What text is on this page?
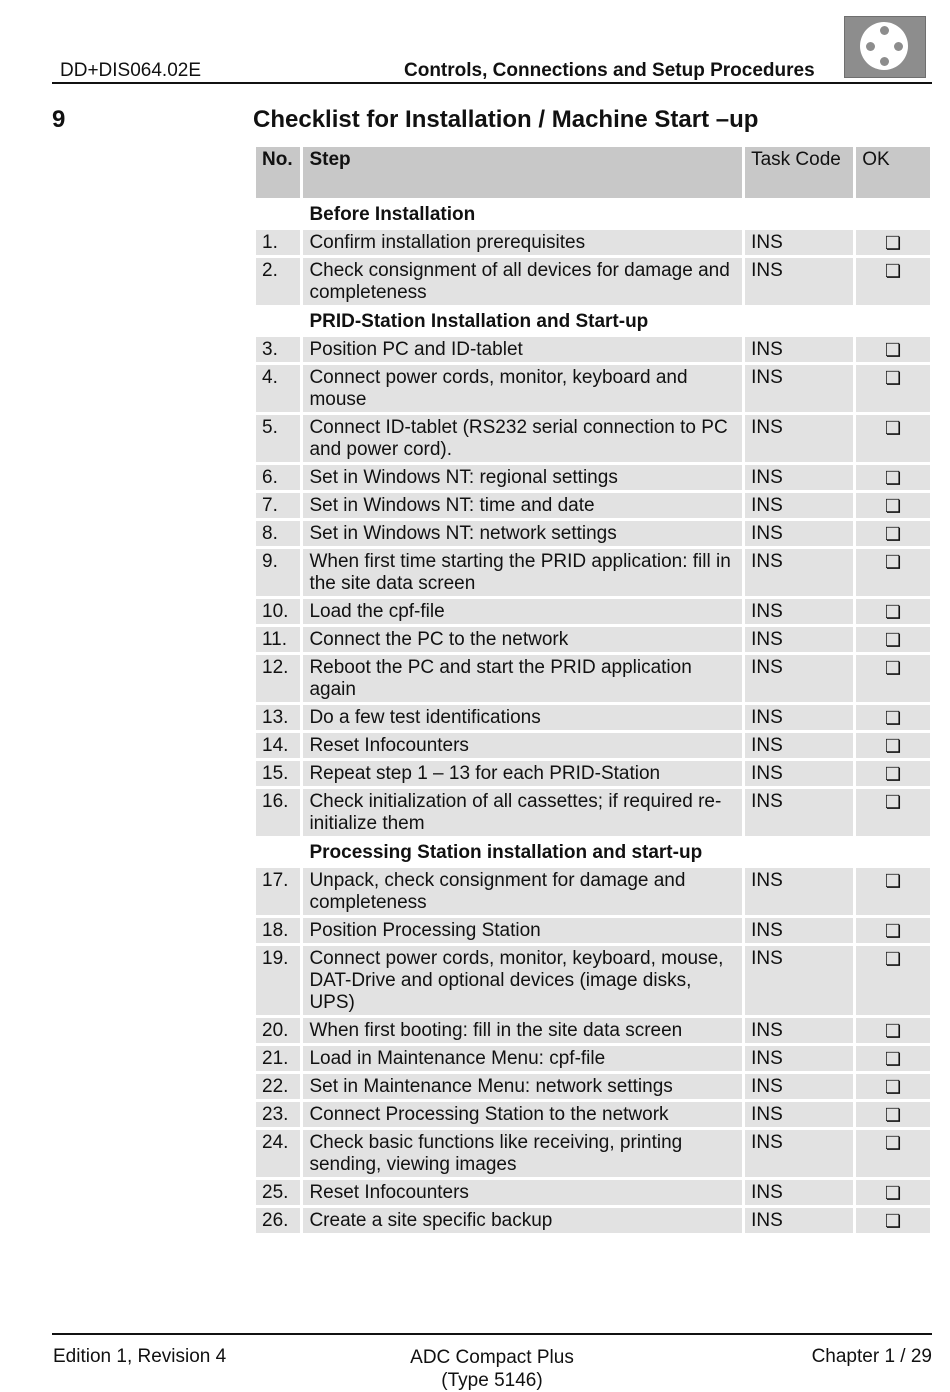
DD+DIS064.02E	Controls, Connections and Setup Procedures
9	Checklist for Installation / Machine Start –up
No.	Step	Task Code	OK
	Before Installation		
1.	Confirm installation prerequisites	INS	❏
2.	Check consignment of all devices for damage and completeness	INS	❏
	PRID-Station Installation and Start-up		
3.	Position PC and ID-tablet	INS	❏
4.	Connect power cords, monitor, keyboard and mouse	INS	❏
5.	Connect ID-tablet (RS232 serial connection to PC and power cord).	INS	❏
6.	Set in Windows NT: regional settings	INS	❏
7.	Set in Windows NT: time and date	INS	❏
8.	Set in Windows NT: network settings	INS	❏
9.	When first time starting the PRID application: fill in the site data screen	INS	❏
10.	Load the cpf-file	INS	❏
11.	Connect the PC to the network	INS	❏
12.	Reboot the PC and start the PRID application again	INS	❏
13.	Do a few test identifications	INS	❏
14.	Reset Infocounters	INS	❏
15.	Repeat step 1 – 13 for each PRID-Station	INS	❏
16.	Check initialization of all cassettes; if required re-initialize them	INS	❏
	Processing Station installation and start-up		
17.	Unpack, check consignment for damage and completeness	INS	❏
18.	Position Processing Station	INS	❏
19.	Connect power cords, monitor, keyboard, mouse, DAT-Drive and optional devices (image disks, UPS)	INS	❏
20.	When first booting: fill in the site data screen	INS	❏
21.	Load in Maintenance Menu: cpf-file	INS	❏
22.	Set in Maintenance Menu: network settings	INS	❏
23.	Connect Processing Station to the network	INS	❏
24.	Check basic functions like receiving, printing sending, viewing images	INS	❏
25.	Reset Infocounters	INS	❏
26.	Create a site specific backup	INS	❏
Edition 1, Revision 4	ADC Compact Plus
(Type 5146)
Chapter 1 / 29
